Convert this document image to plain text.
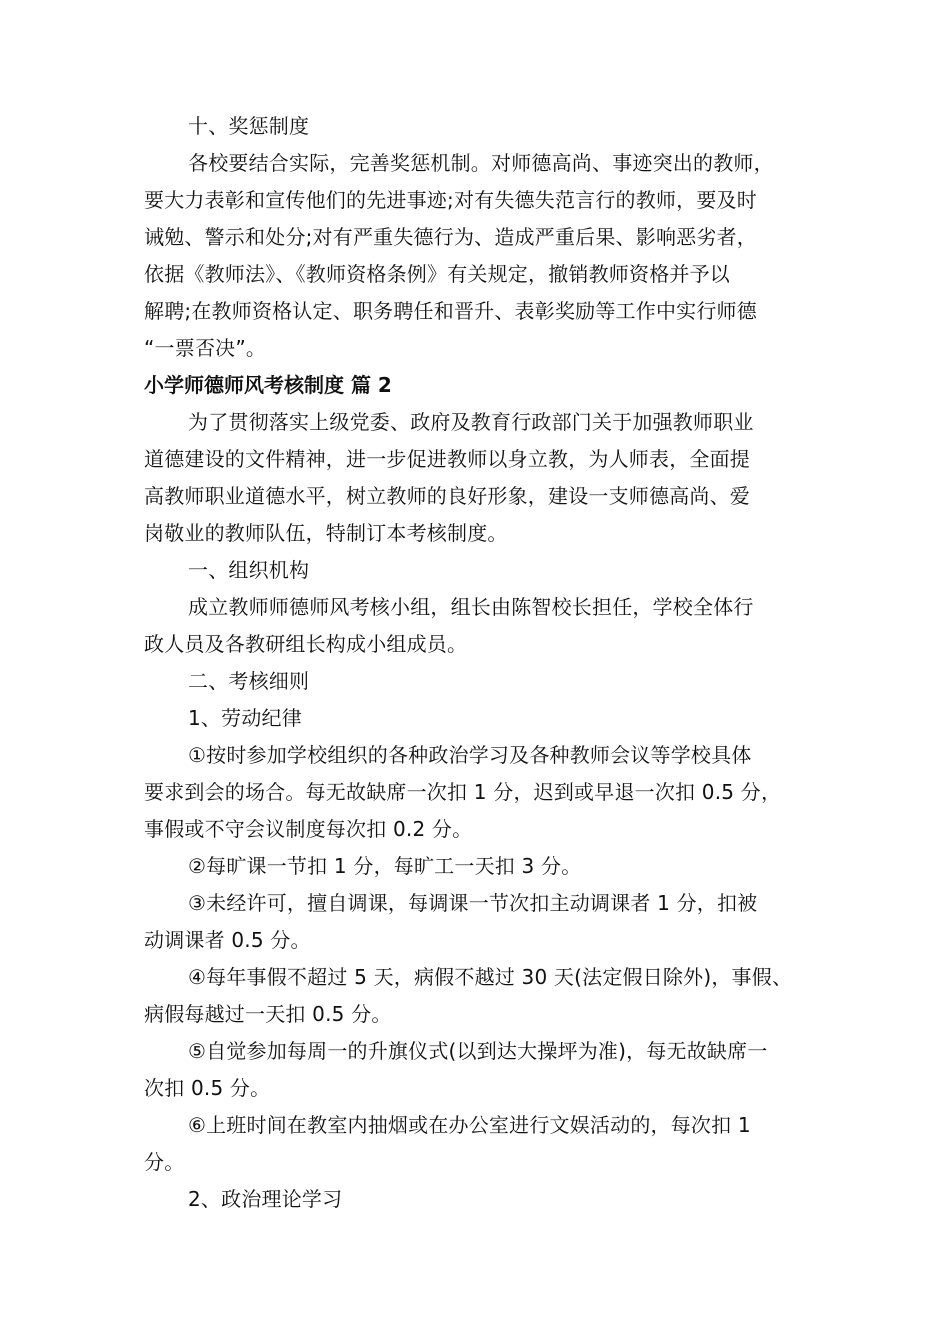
十、奖惩制度
各校要结合实际，完善奖惩机制。对师德高尚、事迹突出的教师，
要大力表彰和宣传他们的先进事迹;对有失德失范言行的教师，要及时
诫勉、警示和处分;对有严重失德行为、造成严重后果、影响恶劣者，
依据《教师法》、《教师资格条例》有关规定，撤销教师资格并予以
解聘;在教师资格认定、职务聘任和晋升、表彰奖励等工作中实行师德
“一票否决”。
小学师德师风考核制度 篇 2
为了贯彻落实上级党委、政府及教育行政部门关于加强教师职业
道德建设的文件精神，进一步促进教师以身立教，为人师表，全面提
高教师职业道德水平，树立教师的良好形象，建设一支师德高尚、爱
岗敬业的教师队伍，特制订本考核制度。
一、组织机构
成立教师师德师风考核小组，组长由陈智校长担任，学校全体行
政人员及各教研组长构成小组成员。
二、考核细则
1、劳动纪律
①按时参加学校组织的各种政治学习及各种教师会议等学校具体
要求到会的场合。每无故缺席一次扣 1 分，迟到或早退一次扣 0.5 分，
事假或不守会议制度每次扣 0.2 分。
②每旷课一节扣 1 分，每旷工一天扣 3 分。
③未经许可，擅自调课，每调课一节次扣主动调课者 1 分，扣被
动调课者 0.5 分。
④每年事假不超过 5 天，病假不越过 30 天(法定假日除外)，事假、
病假每越过一天扣 0.5 分。
⑤自觉参加每周一的升旗仪式(以到达大操坪为准)，每无故缺席一
次扣 0.5 分。
⑥上班时间在教室内抽烟或在办公室进行文娱活动的，每次扣 1
分。
2、政治理论学习
